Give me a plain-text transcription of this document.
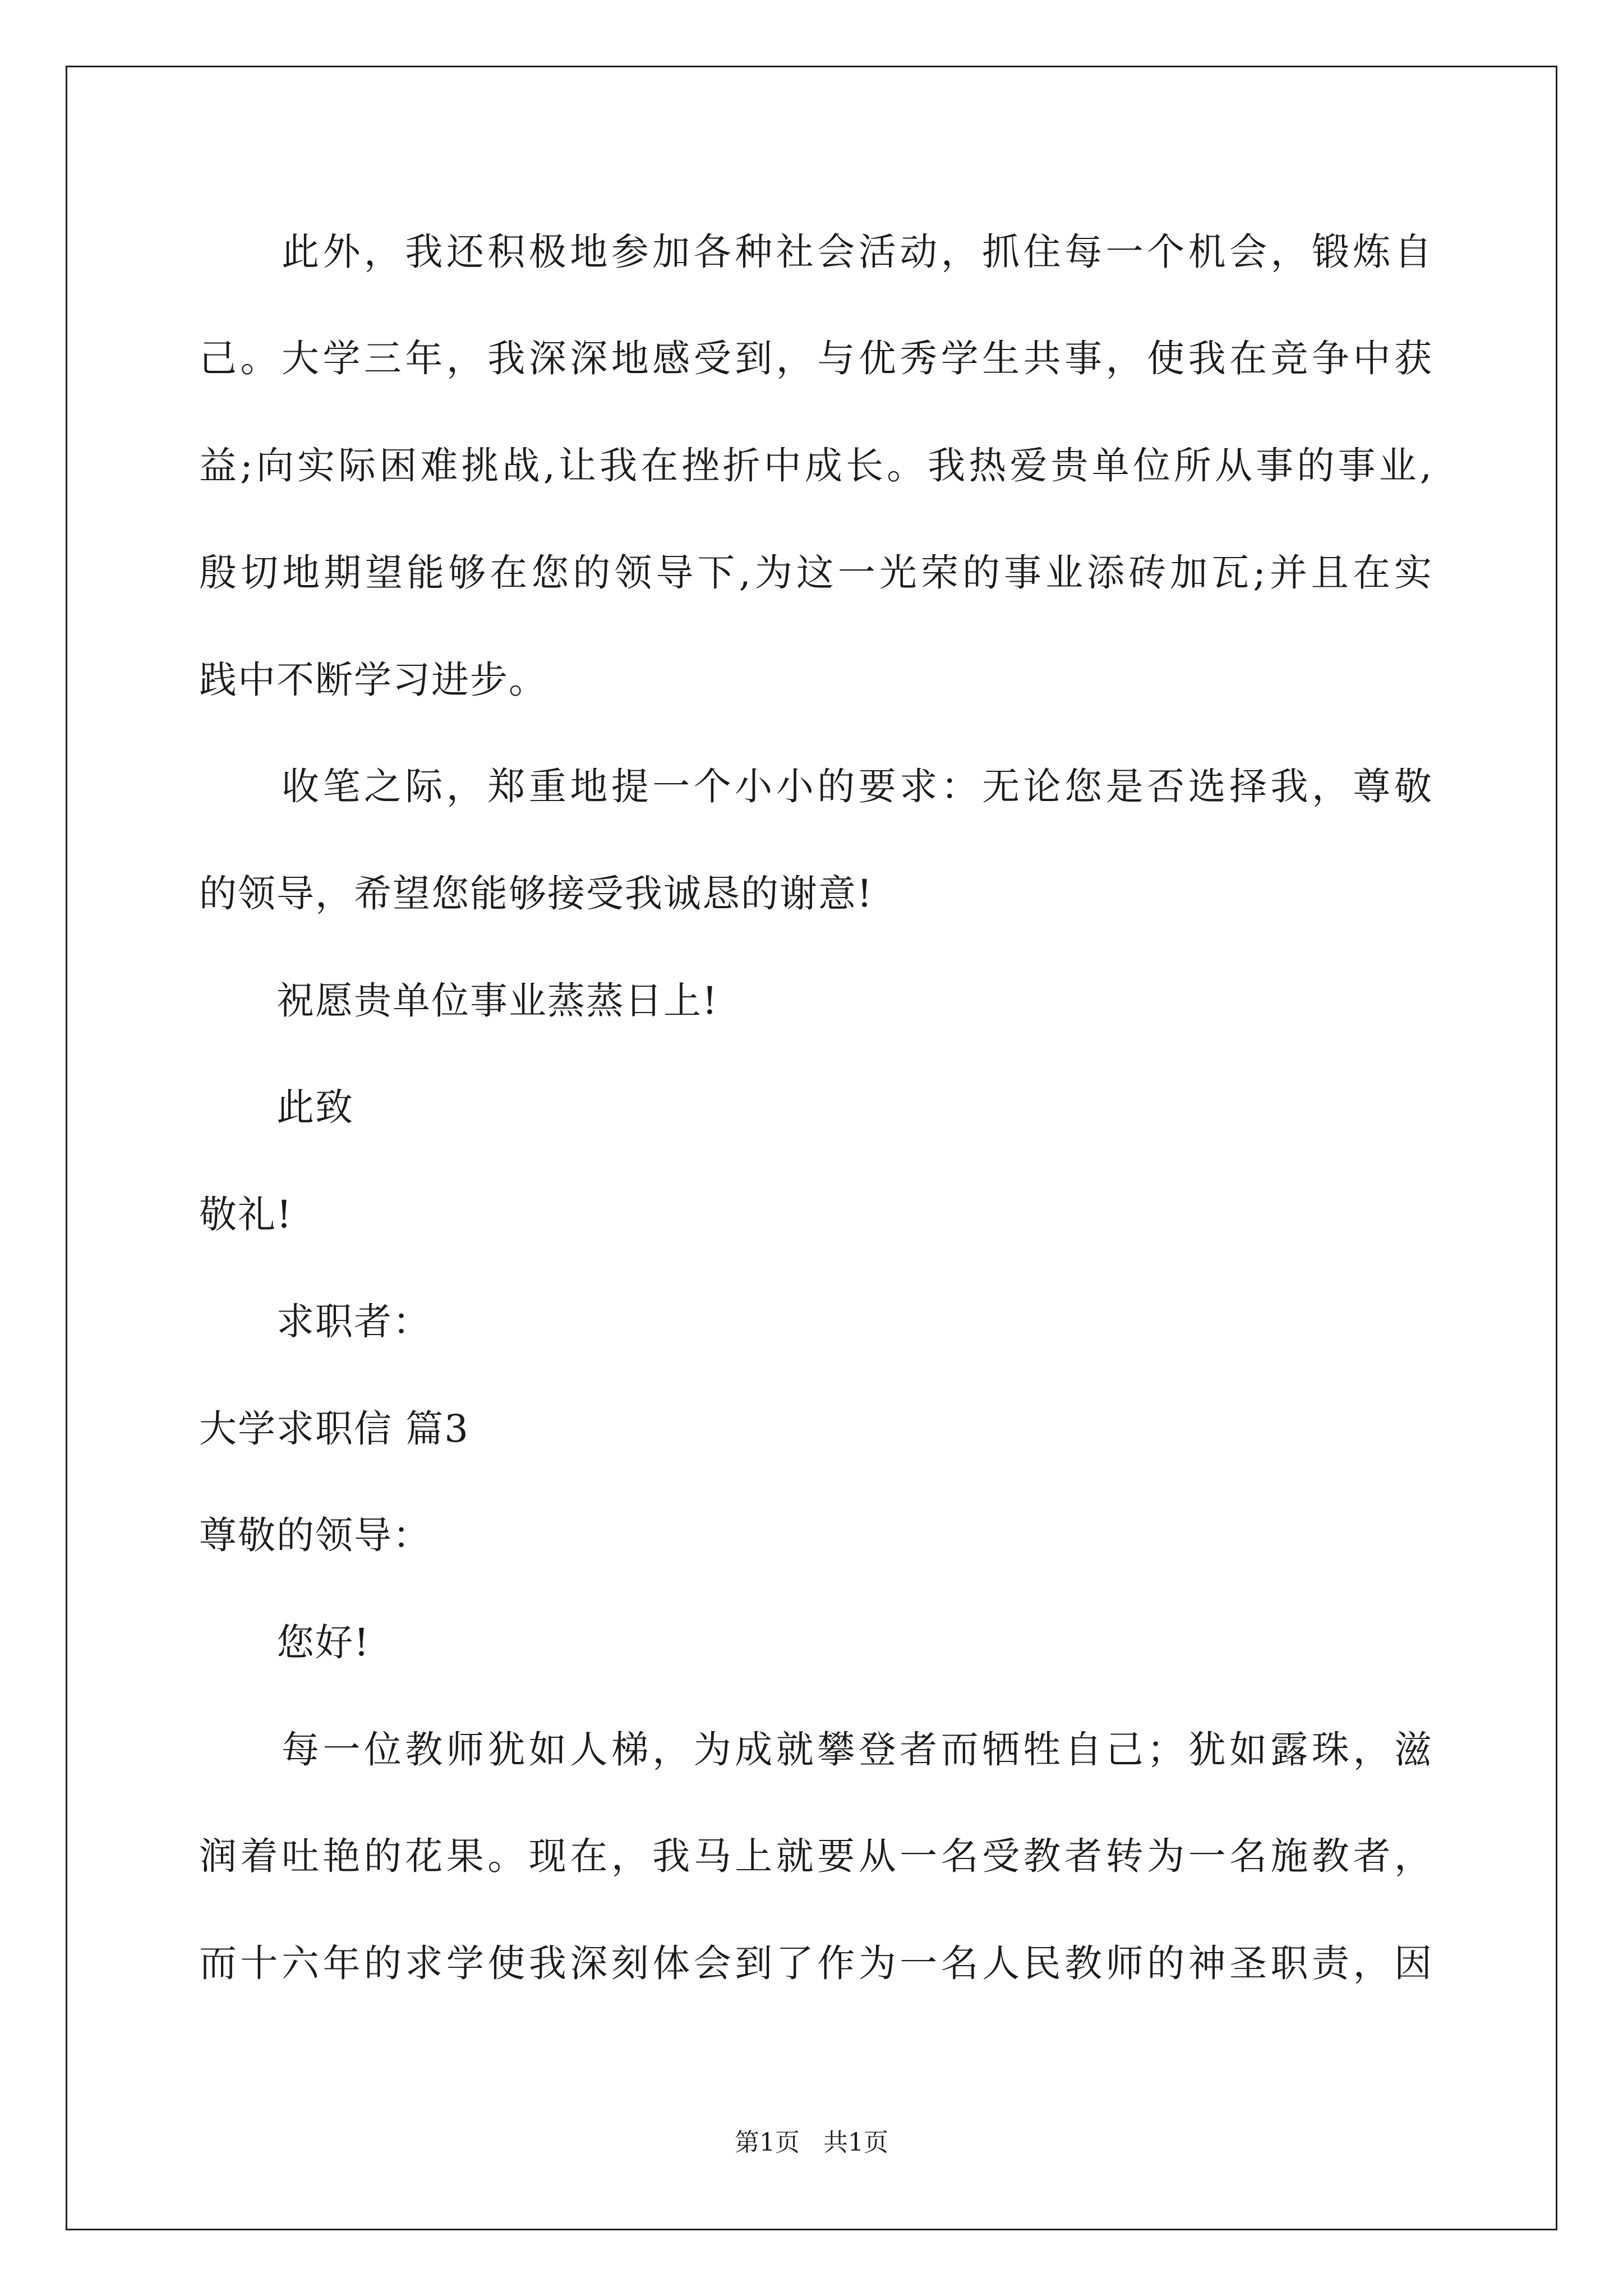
　　此外，我还积极地参加各种社会活动，抓住每一个机会，锻炼自
己。大学三年，我深深地感受到，与优秀学生共事，使我在竞争中获
益;向实际困难挑战,让我在挫折中成长。我热爱贵单位所从事的事业,
殷切地期望能够在您的领导下,为这一光荣的事业添砖加瓦;并且在实
践中不断学习进步。
　　收笔之际，郑重地提一个小小的要求：无论您是否选择我，尊敬
的领导，希望您能够接受我诚恳的谢意!
　　祝愿贵单位事业蒸蒸日上!
　　此致
敬礼!
　　求职者：
大学求职信 篇3
尊敬的领导：
　　您好!
　　每一位教师犹如人梯，为成就攀登者而牺牲自己；犹如露珠，滋
润着吐艳的花果。现在，我马上就要从一名受教者转为一名施教者，
而十六年的求学使我深刻体会到了作为一名人民教师的神圣职责，因
第1页   共1页
